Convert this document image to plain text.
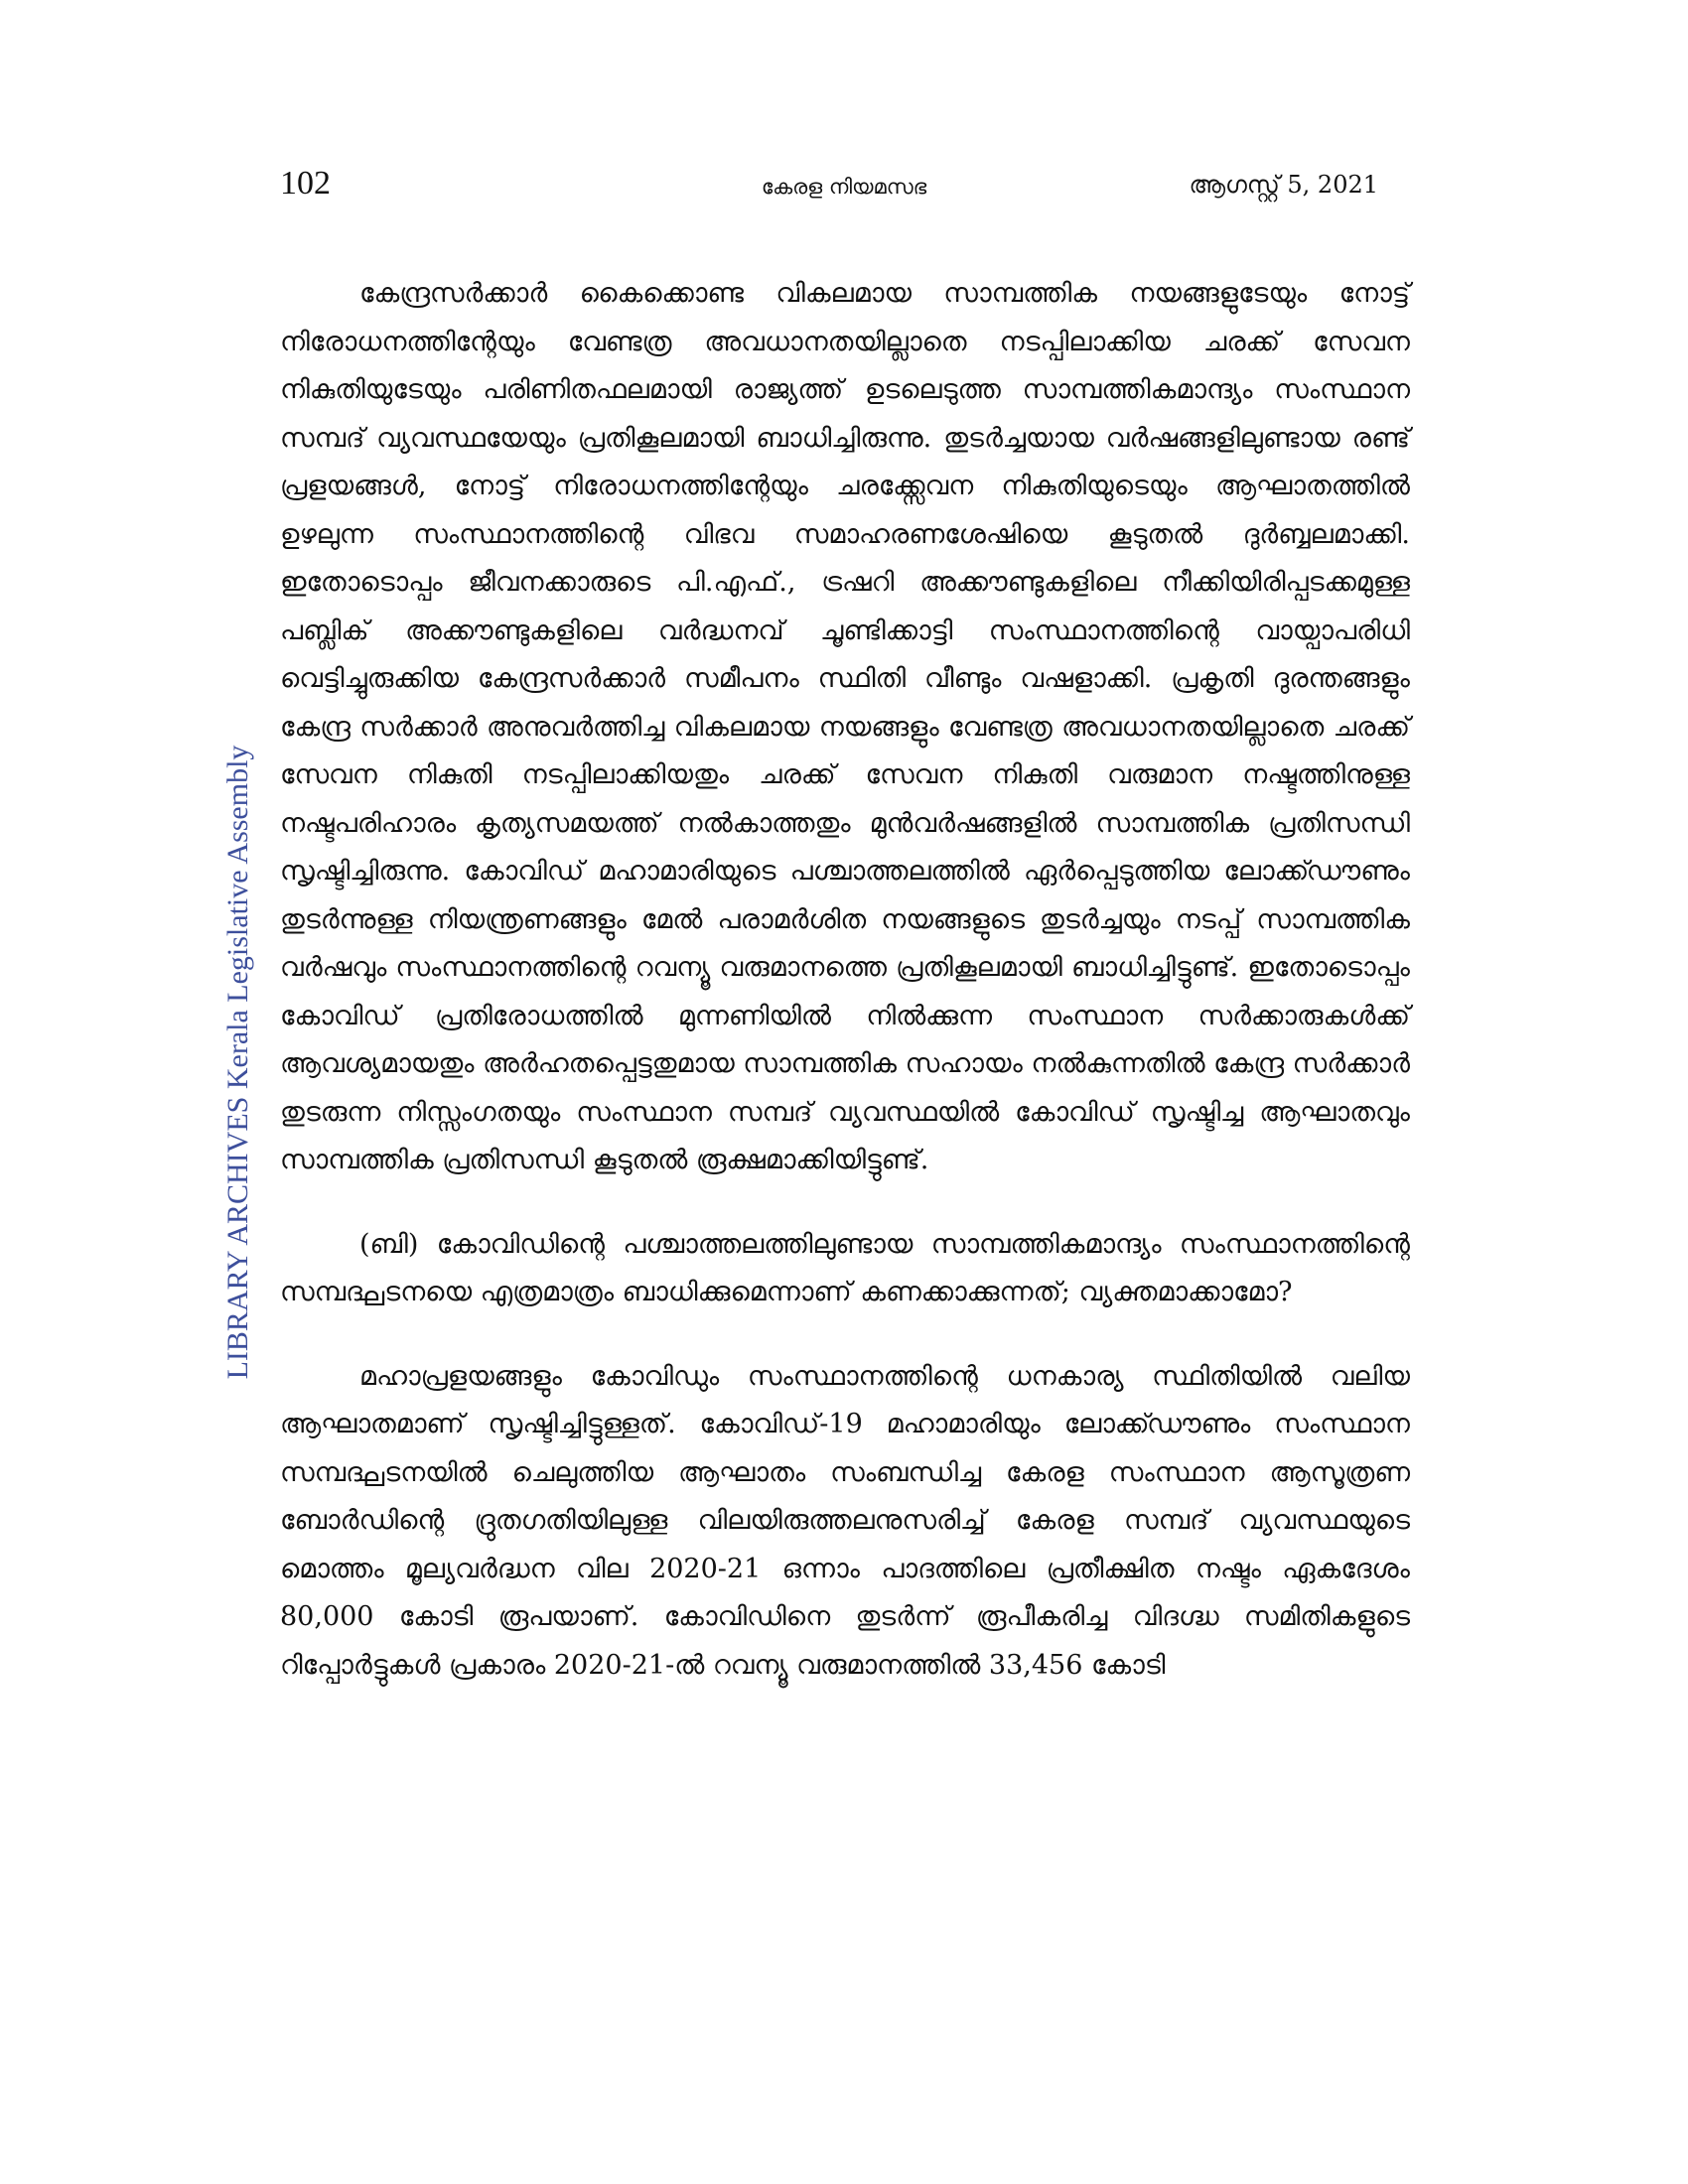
102	കേരള നിയമസഭ	ആഗസ്റ്റ് 5, 2021
LIBRARY ARCHIVES Kerala Legislative Assembly

കേന്ദ്രസർക്കാർ കൈക്കൊണ്ട വികലമായ സാമ്പത്തിക നയങ്ങളുടേയും നോട്ട് നിരോധനത്തിന്റേയും വേണ്ടത്ര അവധാനതയില്ലാതെ നടപ്പിലാക്കിയ ചരക്ക് സേവന നികുതിയുടേയും പരിണിതഫലമായി രാജ്യത്ത് ഉടലെടുത്ത സാമ്പത്തികമാന്ദ്യം സംസ്ഥാന സമ്പദ് വ്യവസ്ഥയേയും പ്രതികൂലമായി ബാധിച്ചിരുന്നു. തുടർച്ചയായ വർഷങ്ങളിലുണ്ടായ രണ്ട് പ്രളയങ്ങൾ, നോട്ട് നിരോധനത്തിന്റേയും ചരക്ക്സേവന നികുതിയുടെയും ആഘാതത്തിൽ ഉഴലുന്ന സംസ്ഥാനത്തിന്റെ വിഭവ സമാഹരണശേഷിയെ കൂടുതൽ ദുർബ്ബലമാക്കി. ഇതോടൊപ്പം ജീവനക്കാരുടെ പി.എഫ്., ട്രഷറി അക്കൗണ്ടുകളിലെ നീക്കിയിരിപ്പടക്കമുള്ള പബ്ലിക് അക്കൗണ്ടുകളിലെ വർദ്ധനവ് ചൂണ്ടിക്കാട്ടി സംസ്ഥാനത്തിന്റെ വായ്പാപരിധി വെട്ടിച്ചുരുക്കിയ കേന്ദ്രസർക്കാർ സമീപനം സ്ഥിതി വീണ്ടും വഷളാക്കി. പ്രകൃതി ദുരന്തങ്ങളും കേന്ദ്ര സർക്കാർ അനുവർത്തിച്ച വികലമായ നയങ്ങളും വേണ്ടത്ര അവധാനതയില്ലാതെ ചരക്ക് സേവന നികുതി നടപ്പിലാക്കിയതും ചരക്ക് സേവന നികുതി വരുമാന നഷ്ടത്തിനുള്ള നഷ്ടപരിഹാരം കൃത്യസമയത്ത് നൽകാത്തതും മുൻവർഷങ്ങളിൽ സാമ്പത്തിക പ്രതിസന്ധി സൃഷ്ടിച്ചിരുന്നു. കോവിഡ് മഹാമാരിയുടെ പശ്ചാത്തലത്തിൽ ഏർപ്പെടുത്തിയ ലോക്ക്ഡൗണും തുടർന്നുള്ള നിയന്ത്രണങ്ങളും മേൽ പരാമർശിത നയങ്ങളുടെ തുടർച്ചയും നടപ്പ് സാമ്പത്തിക വർഷവും സംസ്ഥാനത്തിന്റെ റവന്യൂ വരുമാനത്തെ പ്രതികൂലമായി ബാധിച്ചിട്ടുണ്ട്. ഇതോടൊപ്പം കോവിഡ് പ്രതിരോധത്തിൽ മുന്നണിയിൽ നിൽക്കുന്ന സംസ്ഥാന സർക്കാരുകൾക്ക് ആവശ്യമായതും അർഹതപ്പെട്ടതുമായ സാമ്പത്തിക സഹായം നൽകുന്നതിൽ കേന്ദ്ര സർക്കാർ തുടരുന്ന നിസ്സംഗതയും സംസ്ഥാന സമ്പദ് വ്യവസ്ഥയിൽ കോവിഡ് സൃഷ്ടിച്ച ആഘാതവും സാമ്പത്തിക പ്രതിസന്ധി കൂടുതൽ രൂക്ഷമാക്കിയിട്ടുണ്ട്.

(ബി) കോവിഡിന്റെ പശ്ചാത്തലത്തിലുണ്ടായ സാമ്പത്തികമാന്ദ്യം സംസ്ഥാനത്തിന്റെ സമ്പദ്ഘടനയെ എത്രമാത്രം ബാധിക്കുമെന്നാണ് കണക്കാക്കുന്നത്; വ്യക്തമാക്കാമോ?

മഹാപ്രളയങ്ങളും കോവിഡും സംസ്ഥാനത്തിന്റെ ധനകാര്യ സ്ഥിതിയിൽ വലിയ ആഘാതമാണ് സൃഷ്ടിച്ചിട്ടുള്ളത്. കോവിഡ്-19 മഹാമാരിയും ലോക്ക്ഡൗണും സംസ്ഥാന സമ്പദ്ഘടനയിൽ ചെലുത്തിയ ആഘാതം സംബന്ധിച്ച കേരള സംസ്ഥാന ആസൂത്രണ ബോർഡിന്റെ ദ്രുതഗതിയിലുള്ള വിലയിരുത്തലനുസരിച്ച് കേരള സമ്പദ് വ്യവസ്ഥയുടെ മൊത്തം മൂല്യവർദ്ധന വില 2020-21 ഒന്നാം പാദത്തിലെ പ്രതീക്ഷിത നഷ്ടം ഏകദേശം 80,000 കോടി രൂപയാണ്. കോവിഡിനെ തുടർന്ന് രൂപീകരിച്ച വിദഗ്ദ്ധ സമിതികളുടെ റിപ്പോർട്ടുകൾ പ്രകാരം 2020-21-ൽ റവന്യൂ വരുമാനത്തിൽ 33,456 കോടി
